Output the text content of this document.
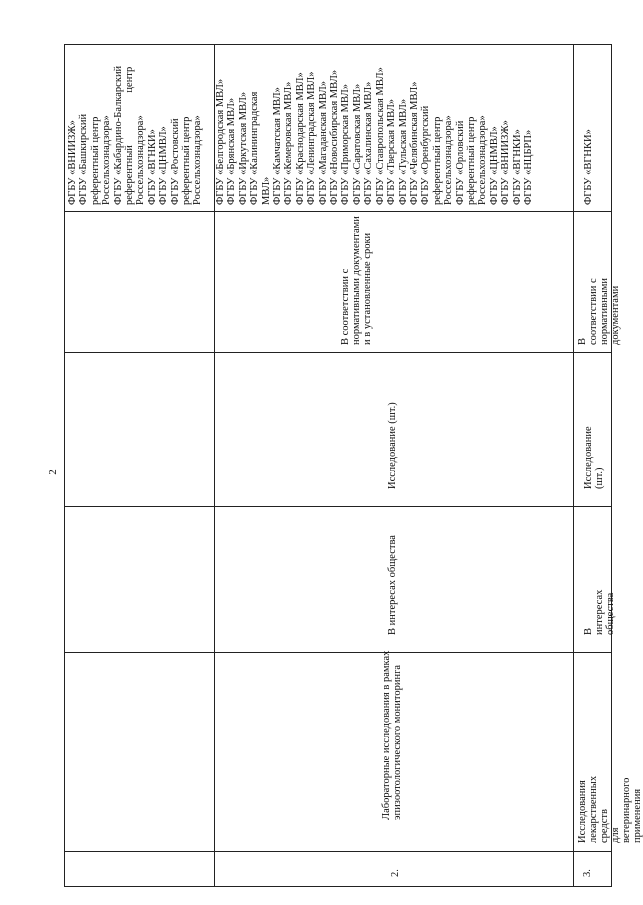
2
ФГБУ «ВНИИЗЖ» ФГБУ «Башкирский референтный центр Россельхознадзора» ФГБУ «Кабардино-Балкарский референтный                    центр Россельхознадзора» ФГБУ «ВГНКИ» ФГБУ «ЦНМВЛ» ФГБУ «Ростовский референтный центр Россельхознадзора»
2.
Лабораторные исследования в рамках
эпизоотологического мониторинга
В интересах общества
Исследование (шт.)
В соответствии с
нормативными документами
и в установленные сроки
ФГБУ «Белгородская МВЛ» ФГБУ «Брянская МВЛ» ФГБУ «Иркутская МВЛ» ФГБУ «Калининградская МВЛ» ФГБУ «Камчатская МВЛ» ФГБУ «Кемеровская МВЛ» ФГБУ «Краснодарская МВЛ» ФГБУ «Ленинградская МВЛ» ФГБУ «Магаданская МВЛ» ФГБУ «Новосибирская МВЛ» ФГБУ «Приморская МВЛ» ФГБУ «Саратовская МВЛ» ФГБУ «Сахалинская МВЛ» ФГБУ «Ставропольская МВЛ» ФГБУ «Тверская МВЛ» ФГБУ «Тульская МВЛ» ФГБУ «Челябинская МВЛ» ФГБУ «Оренбургский референтный центр Россельхознадзора» ФГБУ «Орловский референтный центр Россельхознадзора» ФГБУ «ЦНМВЛ» ФГБУ «ВНИИЗЖ» ФГБУ «ВГНКИ» ФГБУ «НЦБРП»
3.
Исследования лекарственных средств
для ветеринарного применения
В интересах общества
Исследование (шт.)
В соответствии с
нормативными документами
ФГБУ «ВГНКИ»
